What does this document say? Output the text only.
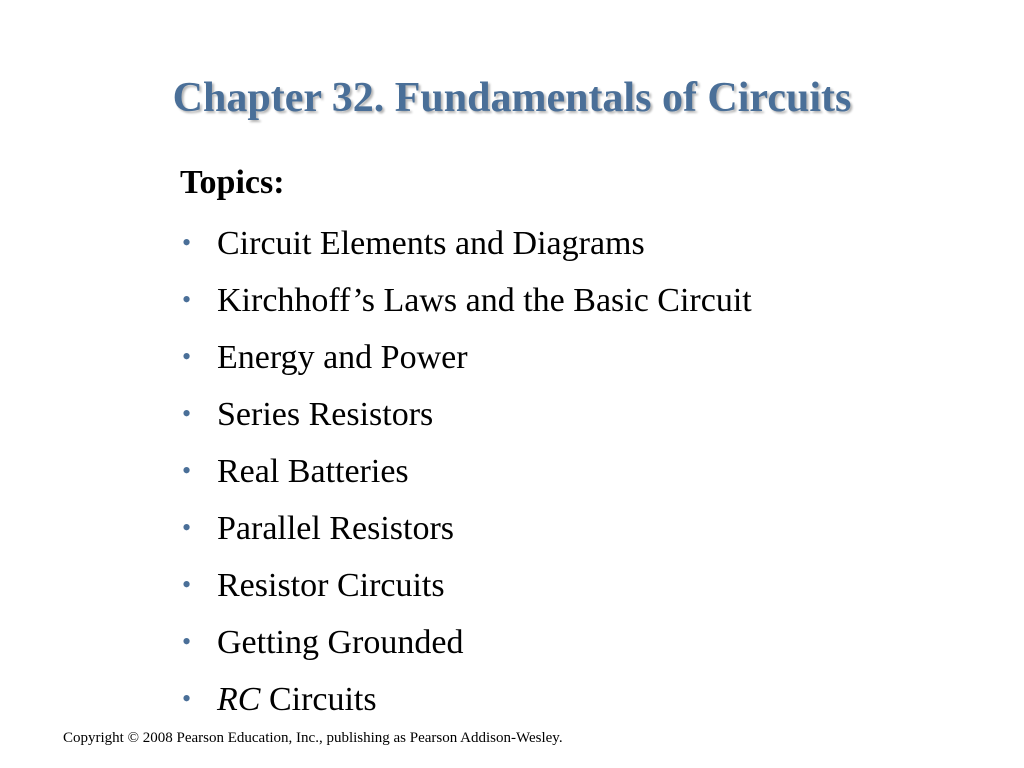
Chapter 32. Fundamentals of Circuits
Topics:
• Circuit Elements and Diagrams
• Kirchhoff’s Laws and the Basic Circuit
• Energy and Power
• Series Resistors
• Real Batteries
• Parallel Resistors
• Resistor Circuits
• Getting Grounded
• RC Circuits
Copyright © 2008 Pearson Education, Inc., publishing as Pearson Addison-Wesley.
